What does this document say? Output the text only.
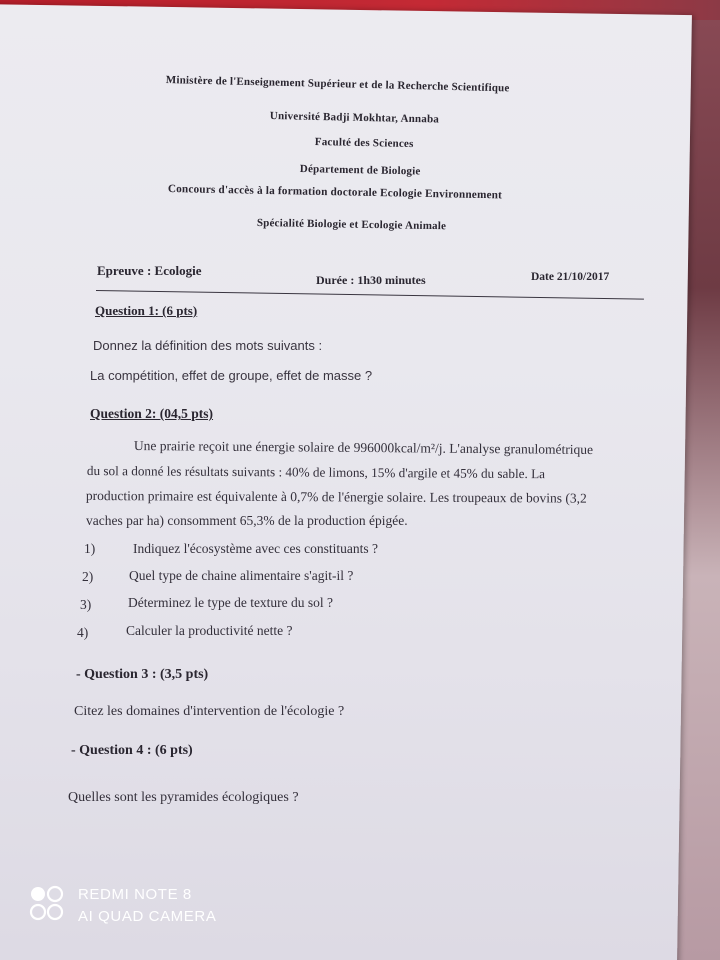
Ministère de l'Enseignement Supérieur et de la Recherche Scientifique
Université Badji Mokhtar, Annaba
Faculté des Sciences
Département de Biologie
Concours d'accès à la formation doctorale Ecologie Environnement
Spécialité Biologie et Ecologie Animale
Epreuve : Ecologie
Durée : 1h30 minutes	Date 21/10/2017
Question 1: (6 pts)
Donnez la définition des mots suivants :
La compétition, effet de groupe, effet de masse ?
Question 2: (04,5 pts)
Une prairie reçoit une énergie solaire de 996000kcal/m²/j. L'analyse granulométrique
du sol a donné les résultats suivants : 40% de limons, 15% d'argile et 45% du sable. La
production primaire est équivalente à 0,7% de l'énergie solaire. Les troupeaux de bovins (3,2
vaches par ha) consomment 65,3% de la production épigée.
1)	Indiquez l'écosystème avec ces constituants ?
2)	Quel type de chaine alimentaire s'agit-il ?
3)	Déterminez le type de texture du sol ?
4)	Calculer la productivité nette ?
- Question 3 : (3,5 pts)
Citez les domaines d'intervention de l'écologie ?
- Question 4 : (6 pts)
Quelles sont les pyramides écologiques ?
REDMI NOTE 8
AI QUAD CAMERA
